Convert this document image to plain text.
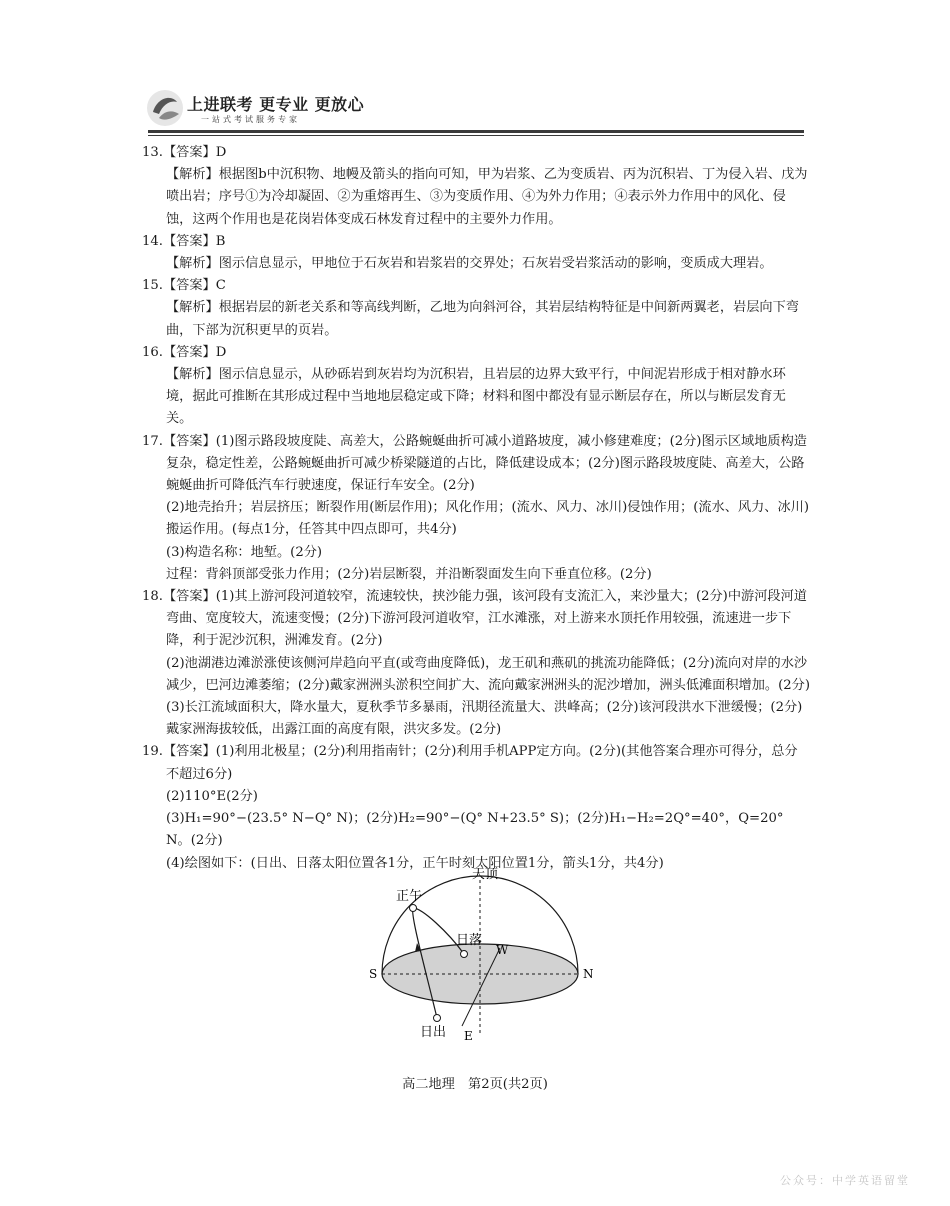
上进联考 更专业 更放心
一站式考试服务专家
13.【答案】D
【解析】根据图b中沉积物、地幔及箭头的指向可知，甲为岩浆、乙为变质岩、丙为沉积岩、丁为侵入岩、戊为喷出岩；序号①为冷却凝固、②为重熔再生、③为变质作用、④为外力作用；④表示外力作用中的风化、侵蚀，这两个作用也是花岗岩体变成石林发育过程中的主要外力作用。
14.【答案】B
【解析】图示信息显示，甲地位于石灰岩和岩浆岩的交界处；石灰岩受岩浆活动的影响，变质成大理岩。
15.【答案】C
【解析】根据岩层的新老关系和等高线判断，乙地为向斜河谷，其岩层结构特征是中间新两翼老，岩层向下弯曲，下部为沉积更早的页岩。
16.【答案】D
【解析】图示信息显示，从砂砾岩到灰岩均为沉积岩，且岩层的边界大致平行，中间泥岩形成于相对静水环境，据此可推断在其形成过程中当地地层稳定或下降；材料和图中都没有显示断层存在，所以与断层发育无关。
17.【答案】(1)图示路段坡度陡、高差大，公路蜿蜒曲折可减小道路坡度，减小修建难度；(2分)图示区域地质构造复杂，稳定性差，公路蜿蜒曲折可减少桥梁隧道的占比，降低建设成本；(2分)图示路段坡度陡、高差大，公路蜿蜒曲折可降低汽车行驶速度，保证行车安全。(2分)
(2)地壳抬升；岩层挤压；断裂作用(断层作用)；风化作用；(流水、风力、冰川)侵蚀作用；(流水、风力、冰川)搬运作用。(每点1分，任答其中四点即可，共4分)
(3)构造名称：地堑。(2分)
过程：背斜顶部受张力作用；(2分)岩层断裂，并沿断裂面发生向下垂直位移。(2分)
18.【答案】(1)其上游河段河道较窄，流速较快，挟沙能力强，该河段有支流汇入，来沙量大；(2分)中游河段河道弯曲、宽度较大，流速变慢；(2分)下游河段河道收窄，江水滩涨，对上游来水顶托作用较强，流速进一步下降，利于泥沙沉积，洲滩发育。(2分)
(2)池湖港边滩淤涨使该侧河岸趋向平直(或弯曲度降低)，龙王矶和燕矶的挑流功能降低；(2分)流向对岸的水沙减少，巴河边滩萎缩；(2分)戴家洲洲头淤积空间扩大、流向戴家洲洲头的泥沙增加，洲头低滩面积增加。(2分)
(3)长江流域面积大，降水量大，夏秋季节多暴雨，汛期径流量大、洪峰高；(2分)该河段洪水下泄缓慢；(2分)戴家洲海拔较低，出露江面的高度有限，洪灾多发。(2分)
19.【答案】(1)利用北极星；(2分)利用指南针；(2分)利用手机APP定方向。(2分)(其他答案合理亦可得分，总分不超过6分)
(2)110°E(2分)
(3)H₁=90°−(23.5° N−Q° N)；(2分)H₂=90°−(Q° N+23.5° S)；(2分)H₁−H₂=2Q°=40°，Q=20° N。(2分)
(4)绘图如下：(日出、日落太阳位置各1分，正午时刻太阳位置1分，箭头1分，共4分)
天顶
正午
日落
W
S	N
日出 E
高二地理　第2页(共2页)
公众号：中学英语留堂
